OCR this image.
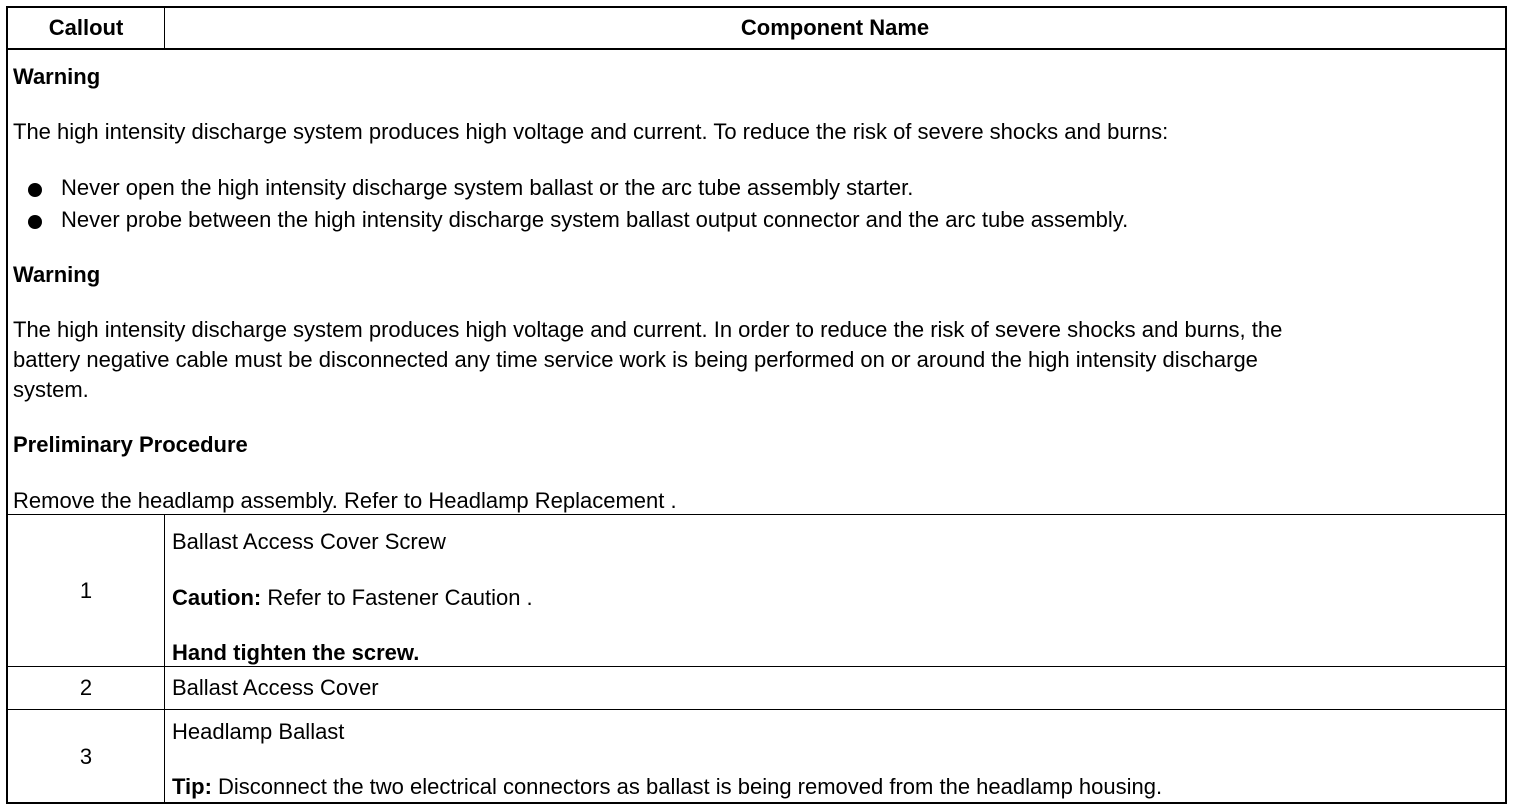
Callout	Component Name
Warning
The high intensity discharge system produces high voltage and current. To reduce the risk of severe shocks and burns:
Never open the high intensity discharge system ballast or the arc tube assembly starter.
Never probe between the high intensity discharge system ballast output connector and the arc tube assembly.
Warning
The high intensity discharge system produces high voltage and current. In order to reduce the risk of severe shocks and burns, the
battery negative cable must be disconnected any time service work is being performed on or around the high intensity discharge
system.
Preliminary Procedure
Remove the headlamp assembly. Refer to Headlamp Replacement .
1
Ballast Access Cover Screw
Caution: Refer to Fastener Caution .
Hand tighten the screw.
2	Ballast Access Cover
3
Headlamp Ballast
Tip: Disconnect the two electrical connectors as ballast is being removed from the headlamp housing.
